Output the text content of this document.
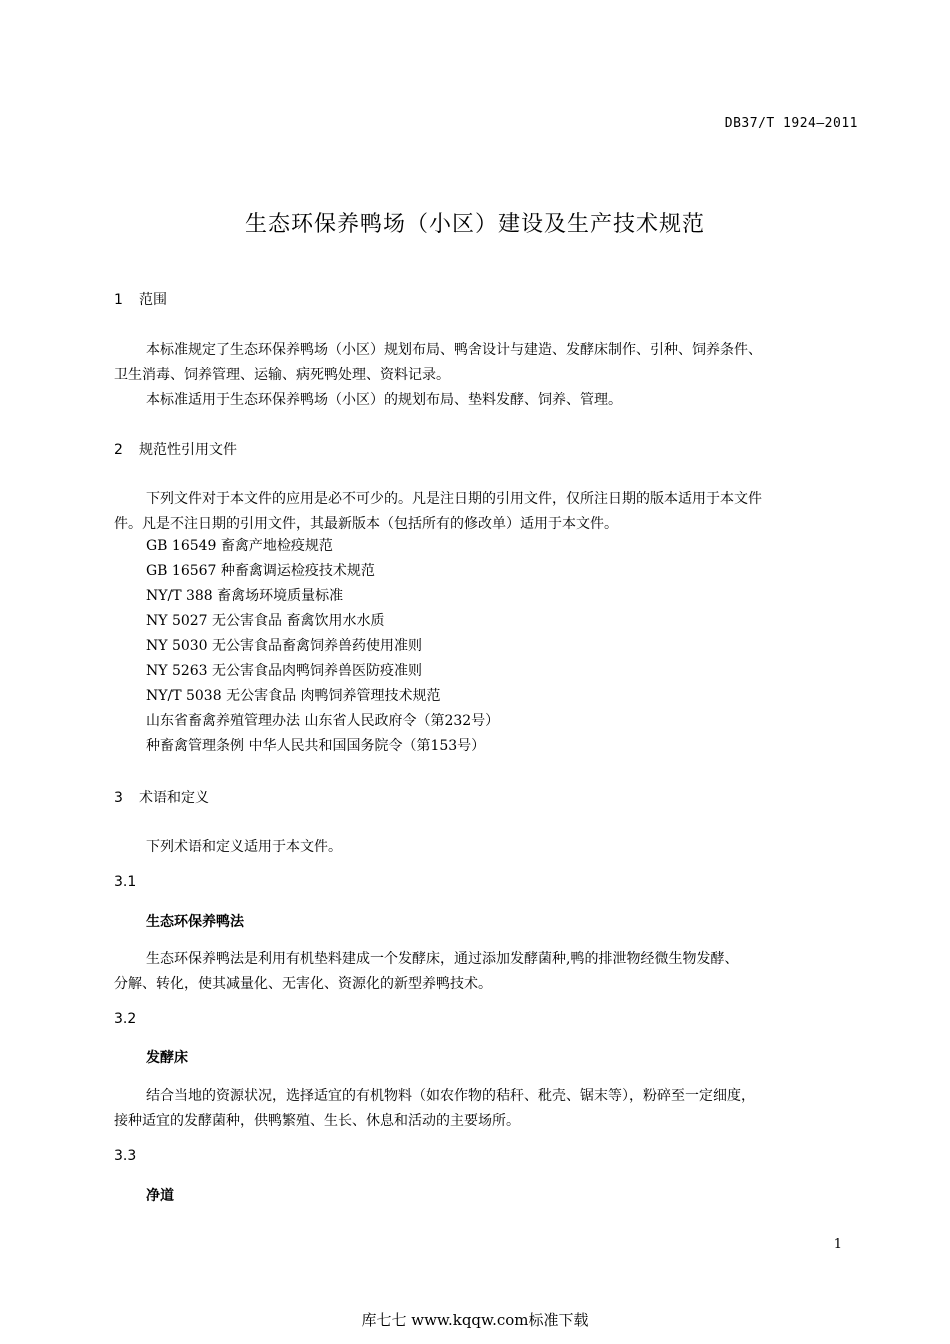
DB37/T 1924—2011
生态环保养鸭场（小区）建设及生产技术规范
1 范围
本标准规定了生态环保养鸭场（小区）规划布局、鸭舍设计与建造、发酵床制作、引种、饲养条件、
卫生消毒、饲养管理、运输、病死鸭处理、资料记录。
本标准适用于生态环保养鸭场（小区）的规划布局、垫料发酵、饲养、管理。
2 规范性引用文件
下列文件对于本文件的应用是必不可少的。凡是注日期的引用文件，仅所注日期的版本适用于本文件
件。凡是不注日期的引用文件，其最新版本（包括所有的修改单）适用于本文件。
GB 16549 畜禽产地检疫规范
GB 16567 种畜禽调运检疫技术规范
NY/T 388 畜禽场环境质量标准
NY 5027 无公害食品 畜禽饮用水水质
NY 5030 无公害食品畜禽饲养兽药使用准则
NY 5263 无公害食品肉鸭饲养兽医防疫准则
NY/T 5038 无公害食品 肉鸭饲养管理技术规范
山东省畜禽养殖管理办法 山东省人民政府令（第232号）
种畜禽管理条例 中华人民共和国国务院令（第153号）
3 术语和定义
下列术语和定义适用于本文件。
3.1
生态环保养鸭法
生态环保养鸭法是利用有机垫料建成一个发酵床，通过添加发酵菌种,鸭的排泄物经微生物发酵、
分解、转化，使其减量化、无害化、资源化的新型养鸭技术。
3.2
发酵床
结合当地的资源状况，选择适宜的有机物料（如农作物的秸秆、秕壳、锯末等），粉碎至一定细度，
接种适宜的发酵菌种，供鸭繁殖、生长、休息和活动的主要场所。
3.3
净道
1
库七七 www.kqqw.com标准下载
